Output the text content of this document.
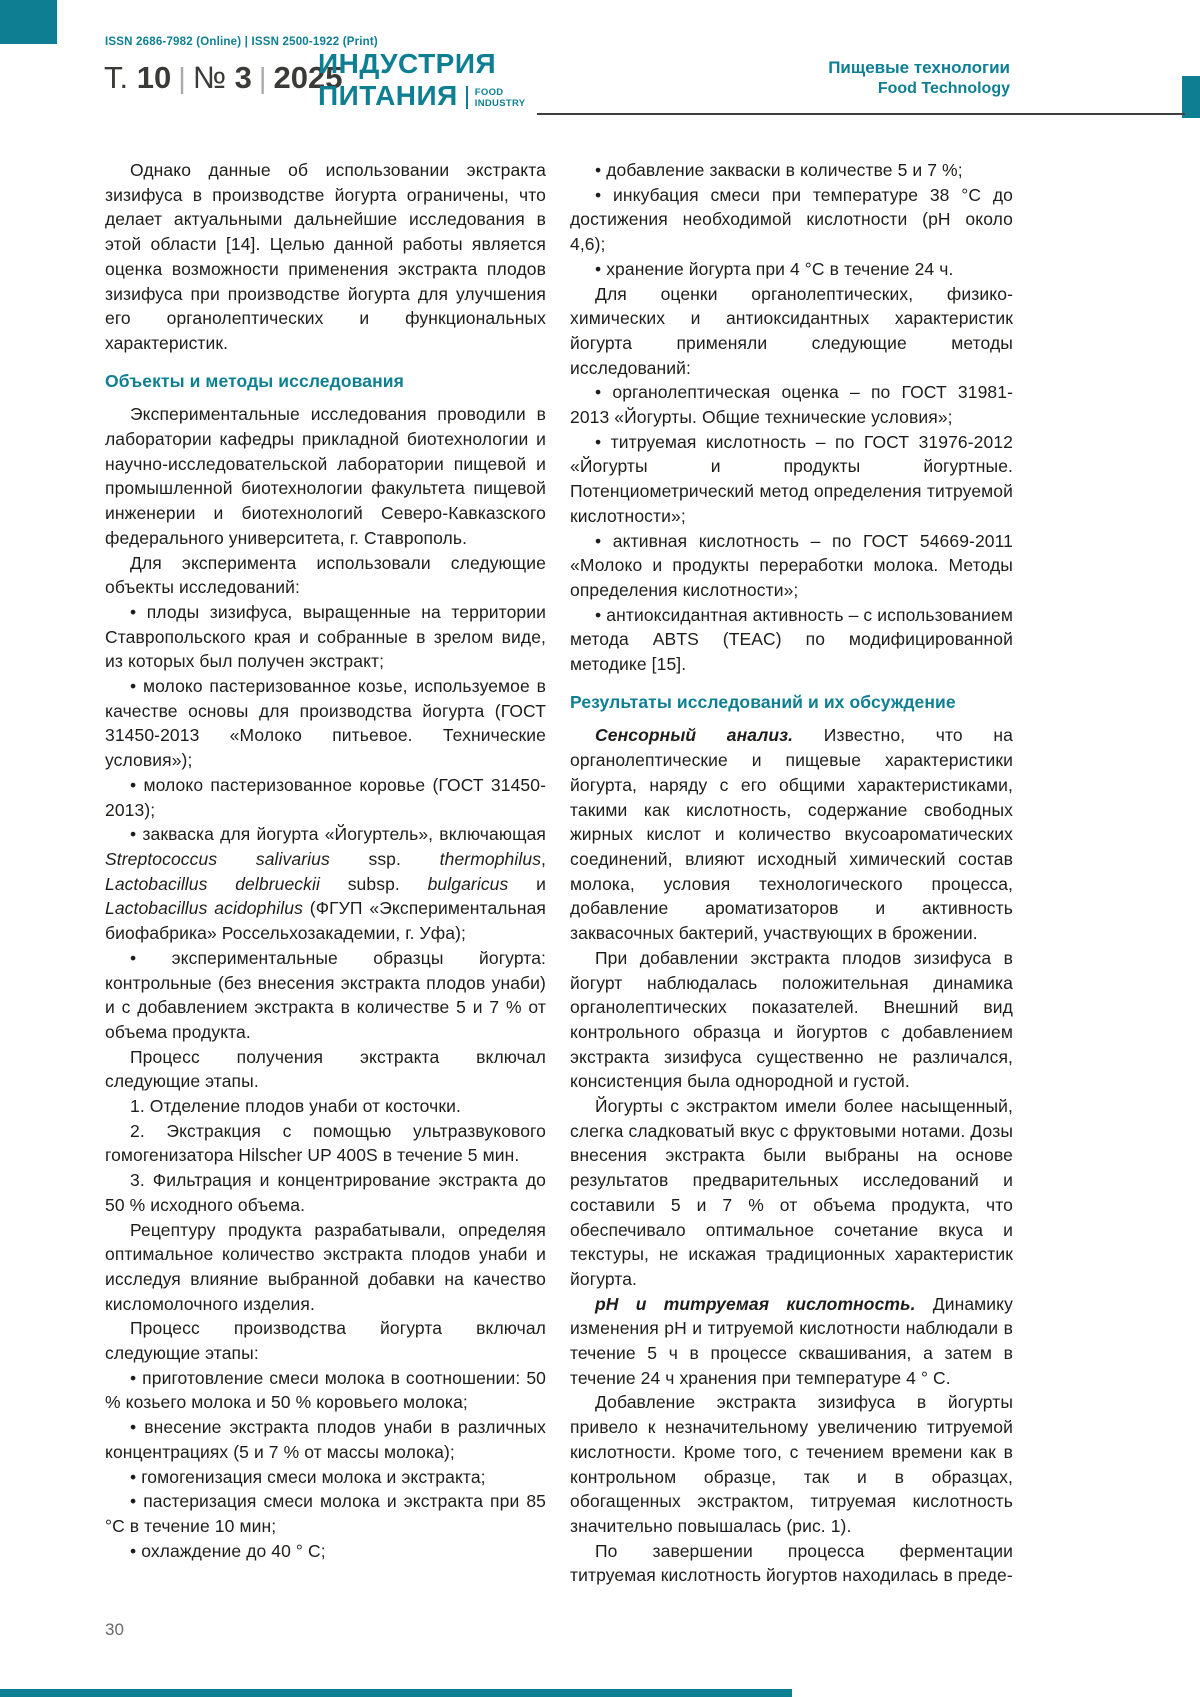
ISSN 2686-7982 (Online) | ISSN 2500-1922 (Print)
Т. 10 | № 3 | 2025
ИНДУСТРИЯ
ПИТАНИЯ FOOD
INDUSTRY
Пищевые технологии
Food Technology

Однако данные об использовании экстракта зизифуса в производстве йогурта ограничены, что делает актуальными дальнейшие исследования в этой области [14]. Целью данной работы является оценка возможности применения экстракта плодов зизифуса при производстве йогурта для улучшения его органолептических и функциональных характеристик.

Объекты и методы исследования

Экспериментальные исследования проводили в лаборатории кафедры прикладной биотехнологии и научно-исследовательской лаборатории пищевой и промышленной биотехнологии факультета пищевой инженерии и биотехнологий Северо-Кавказского федерального университета, г. Ставрополь.

Для эксперимента использовали следующие объекты исследований:

• плоды зизифуса, выращенные на территории Ставропольского края и собранные в зрелом виде, из которых был получен экстракт;

• молоко пастеризованное козье, используемое в качестве основы для производства йогурта (ГОСТ 31450-2013 «Молоко питьевое. Технические условия»);

• молоко пастеризованное коровье (ГОСТ 31450-2013);

• закваска для йогурта «Йогуртель», включающая Streptococcus salivarius ssp. thermophilus, Lactobacillus delbrueckii subsp. bulgaricus и Lactobacillus acidophilus (ФГУП «Экспериментальная биофабрика» Россельхозакадемии, г. Уфа);

• экспериментальные образцы йогурта: контрольные (без внесения экстракта плодов унаби) и с добавлением экстракта в количестве 5 и 7 % от объема продукта.

Процесс получения экстракта включал следующие этапы.

1. Отделение плодов унаби от косточки.

2. Экстракция с помощью ультразвукового гомогенизатора Hilscher UP 400S в течение 5 мин.

3. Фильтрация и концентрирование экстракта до 50 % исходного объема.

Рецептуру продукта разрабатывали, определяя оптимальное количество экстракта плодов унаби и исследуя влияние выбранной добавки на качество кисломолочного изделия.

Процесс производства йогурта включал следующие этапы:

• приготовление смеси молока в соотношении: 50 % козьего молока и 50 % коровьего молока;

• внесение экстракта плодов унаби в различных концентрациях (5 и 7 % от массы молока);

• гомогенизация смеси молока и экстракта;

• пастеризация смеси молока и экстракта при 85 °С в течение 10 мин;

• охлаждение до 40 ° С;

• добавление закваски в количестве 5 и 7 %;

• инкубация смеси при температуре 38 °С до достижения необходимой кислотности (рН около 4,6);

• хранение йогурта при 4 °С в течение 24 ч.

Для оценки органолептических, физико-химических и антиоксидантных характеристик йогурта применяли следующие методы исследований:

• органолептическая оценка – по ГОСТ 31981-2013 «Йогурты. Общие технические условия»;

• титруемая кислотность – по ГОСТ 31976-2012 «Йогурты и продукты йогуртные. Потенциометрический метод определения титруемой кислотности»;

• активная кислотность – по ГОСТ 54669-2011 «Молоко и продукты переработки молока. Методы определения кислотности»;

• антиоксидантная активность – с использованием метода ABTS (TEAC) по модифицированной методике [15].

Результаты исследований и их обсуждение

Сенсорный анализ. Известно, что на органолептические и пищевые характеристики йогурта, наряду с его общими характеристиками, такими как кислотность, содержание свободных жирных кислот и количество вкусоароматических соединений, влияют исходный химический состав молока, условия технологического процесса, добавление ароматизаторов и активность заквасочных бактерий, участвующих в брожении.

При добавлении экстракта плодов зизифуса в йогурт наблюдалась положительная динамика органолептических показателей. Внешний вид контрольного образца и йогуртов с добавлением экстракта зизифуса существенно не различался, консистенция была однородной и густой.

Йогурты с экстрактом имели более насыщенный, слегка сладковатый вкус с фруктовыми нотами. Дозы внесения экстракта были выбраны на основе результатов предварительных исследований и составили 5 и 7 % от объема продукта, что обеспечивало оптимальное сочетание вкуса и текстуры, не искажая традиционных характеристик йогурта.

рН и титруемая кислотность. Динамику изменения рН и титруемой кислотности наблюдали в течение 5 ч в процессе сквашивания, а затем в течение 24 ч хранения при температуре 4 ° С.

Добавление экстракта зизифуса в йогурты привело к незначительному увеличению титруемой кислотности. Кроме того, с течением времени как в контрольном образце, так и в образцах, обогащенных экстрактом, титруемая кислотность значительно повышалась (рис. 1).

По завершении процесса ферментации титруемая кислотность йогуртов находилась в преде-

30
